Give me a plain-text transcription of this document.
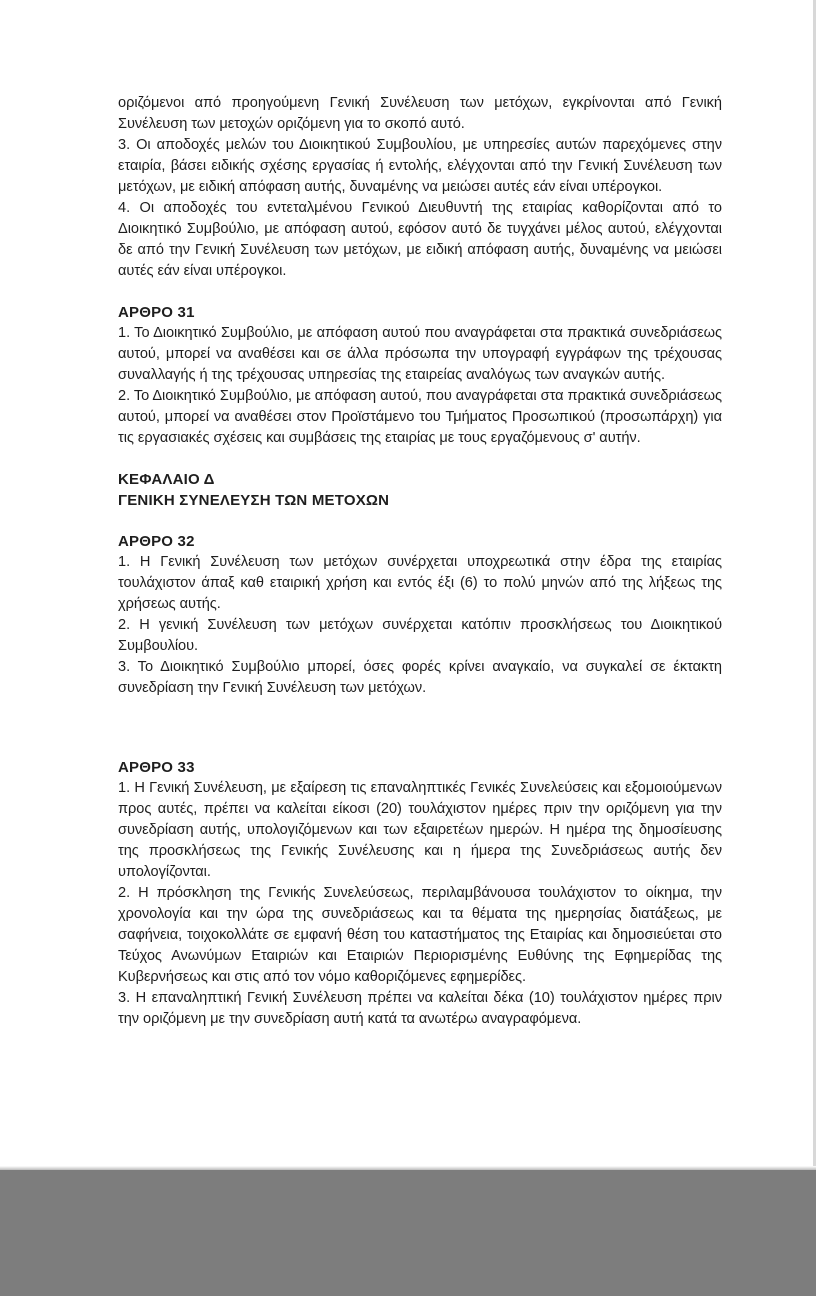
οριζόμενοι από προηγούμενη Γενική Συνέλευση των μετόχων, εγκρίνονται από Γενική Συνέλευση των μετοχών οριζόμενη για το σκοπό αυτό.

3. Οι αποδοχές μελών του Διοικητικού Συμβουλίου, με υπηρεσίες αυτών παρεχόμενες στην εταιρία, βάσει ειδικής σχέσης εργασίας ή εντολής, ελέγχονται από την Γενική Συνέλευση των μετόχων, με ειδική απόφαση αυτής, δυναμένης να μειώσει αυτές εάν είναι υπέρογκοι.

4. Οι αποδοχές του εντεταλμένου Γενικού Διευθυντή της εταιρίας καθορίζονται από το Διοικητικό Συμβούλιο, με απόφαση αυτού, εφόσον αυτό δε τυγχάνει μέλος αυτού, ελέγχονται δε από την Γενική Συνέλευση των μετόχων, με ειδική απόφαση αυτής, δυναμένης να μειώσει αυτές εάν είναι υπέρογκοι.

ΑΡΘΡΟ 31

1. Το Διοικητικό Συμβούλιο, με απόφαση αυτού που αναγράφεται στα πρακτικά συνεδριάσεως αυτού, μπορεί να αναθέσει και σε άλλα πρόσωπα την υπογραφή εγγράφων της τρέχουσας συναλλαγής ή της τρέχουσας υπηρεσίας της εταιρείας αναλόγως των αναγκών αυτής.

2. Το Διοικητικό Συμβούλιο, με απόφαση αυτού, που αναγράφεται στα πρακτικά συνεδριάσεως αυτού, μπορεί να αναθέσει στον Προϊστάμενο του Τμήματος Προσωπικού (προσωπάρχη) για τις εργασιακές σχέσεις και συμβάσεις της εταιρίας με τους εργαζόμενους σ' αυτήν.

ΚΕΦΑΛΑΙΟ Δ
ΓΕΝΙΚΗ ΣΥΝΕΛΕΥΣΗ ΤΩΝ ΜΕΤΟΧΩΝ
ΑΡΘΡΟ 32

1. Η Γενική Συνέλευση των μετόχων συνέρχεται υποχρεωτικά στην έδρα της εταιρίας τουλάχιστον άπαξ καθ εταιρική χρήση και εντός έξι (6) το πολύ μηνών από της λήξεως της χρήσεως αυτής.

2. Η γενική Συνέλευση των μετόχων συνέρχεται κατόπιν προσκλήσεως του Διοικητικού Συμβουλίου.

3. Το Διοικητικό Συμβούλιο μπορεί, όσες φορές κρίνει αναγκαίο, να συγκαλεί σε έκτακτη συνεδρίαση την Γενική Συνέλευση των μετόχων.

ΑΡΘΡΟ 33

1. Η Γενική Συνέλευση, με εξαίρεση τις επαναληπτικές Γενικές Συνελεύσεις και εξομοιούμενων προς αυτές, πρέπει να καλείται είκοσι (20) τουλάχιστον ημέρες πριν την οριζόμενη για την συνεδρίαση αυτής, υπολογιζόμενων και των εξαιρετέων ημερών. Η ημέρα της δημοσίευσης της προσκλήσεως της Γενικής Συνέλευσης και η ήμερα της Συνεδριάσεως αυτής δεν υπολογίζονται.

2. Η πρόσκληση της Γενικής Συνελεύσεως, περιλαμβάνουσα τουλάχιστον το οίκημα, την χρονολογία και την ώρα της συνεδριάσεως και τα θέματα της ημερησίας διατάξεως, με σαφήνεια, τοιχοκολλάτε σε εμφανή θέση του καταστήματος της Εταιρίας και δημοσιεύεται στο Τεύχος Ανωνύμων Εταιριών και Εταιριών Περιορισμένης Ευθύνης της Εφημερίδας της Κυβερνήσεως και στις από τον νόμο καθοριζόμενες εφημερίδες.

3. Η επαναληπτική Γενική Συνέλευση πρέπει να καλείται δέκα (10) τουλάχιστον ημέρες πριν την οριζόμενη με την συνεδρίαση αυτή κατά τα ανωτέρω αναγραφόμενα.
